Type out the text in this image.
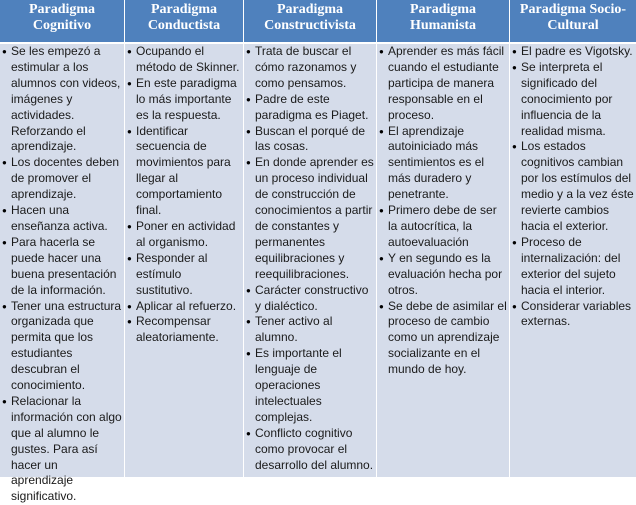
Paradigma
Cognitivo
Paradigma
Conductista
Paradigma
Constructivista
Paradigma
Humanista
Paradigma Socio-
Cultural

● Se les empezó a estimular a los alumnos con videos, imágenes y actividades. Reforzando el aprendizaje.

● Los docentes deben de promover el aprendizaje.

● Hacen una enseñanza activa.

● Para hacerla se puede hacer una buena presentación de la información.

● Tener una estructura organizada que permita que los estudiantes descubran el conocimiento.

● Relacionar la información con algo que al alumno le gustes. Para así hacer un aprendizaje significativo.

● Ocupando el método de Skinner.

● En este paradigma lo más importante es la respuesta.

● Identificar secuencia de movimientos para llegar al comportamiento final.

● Poner en actividad al organismo.

● Responder al estímulo sustitutivo.

● Aplicar al refuerzo.

● Recompensar aleatoriamente.

● Trata de buscar el cómo razonamos y como pensamos.

● Padre de este paradigma es Piaget.

● Buscan el porqué de las cosas.

● En donde aprender es un proceso individual de construcción de conocimientos a partir de constantes y permanentes equilibraciones y reequilibraciones.

● Carácter constructivo y dialéctico.

● Tener activo al alumno.

● Es importante el lenguaje de operaciones intelectuales complejas.

● Conflicto cognitivo como provocar el desarrollo del alumno.

● Aprender es más fácil cuando el estudiante participa de manera responsable en el proceso.

● El aprendizaje autoiniciado más sentimientos es el más duradero y penetrante.

● Primero debe de ser la autocrítica, la autoevaluación

● Y en segundo es la evaluación hecha por otros.

● Se debe de asimilar el proceso de cambio como un aprendizaje socializante en el mundo de hoy.

● El padre es Vigotsky.

● Se interpreta el significado del conocimiento por influencia de la realidad misma.

● Los estados cognitivos cambian por los estímulos del medio y a la vez éste revierte cambios hacia el exterior.

● Proceso de internalización: del exterior del sujeto hacia el interior.

● Considerar variables externas.
